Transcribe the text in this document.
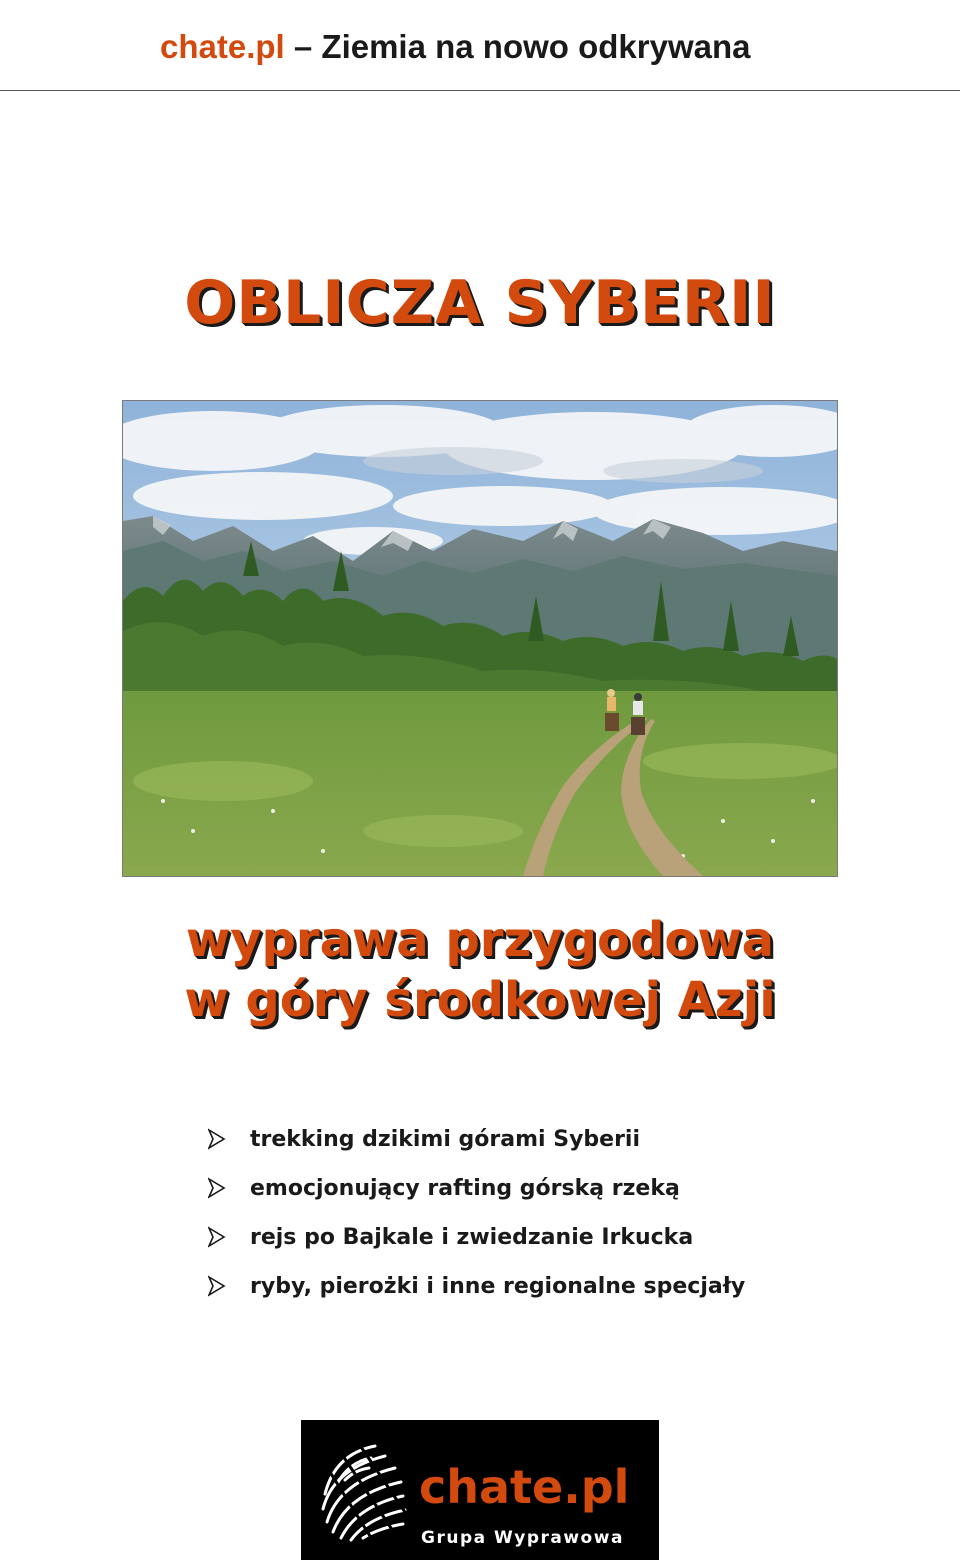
chate.pl – Ziemia na nowo odkrywana
OBLICZA SYBERII
wyprawa przygodowa
w góry środkowej Azji
trekking dzikimi górami Syberii
emocjonujący rafting górską rzeką
rejs po Bajkale i zwiedzanie Irkucka
ryby, pierożki i inne regionalne specjały
chate.pl
Grupa Wyprawowa
